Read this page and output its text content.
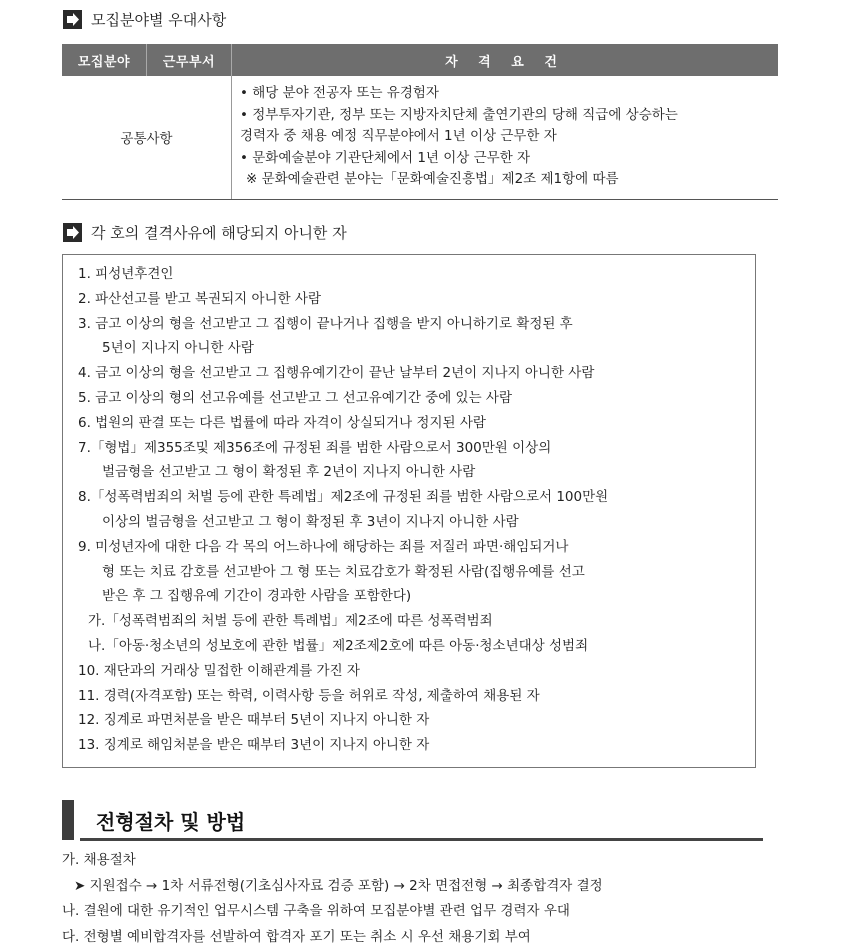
모집분야별 우대사항
모집분야	근무부서	자 격 요 건
공통사항		• 해당 분야 전공자 또는 유경험자
• 정부투자기관, 정부 또는 지방자치단체 출연기관의 당해 직급에 상승하는
경력자 중 채용 예정 직무분야에서 1년 이상 근무한 자
• 문화예술분야 기관단체에서 1년 이상 근무한 자
※ 문화예술관련 분야는「문화예술진흥법」제2조 제1항에 따름
각 호의 결격사유에 해당되지 아니한 자
1. 피성년후견인
2. 파산선고를 받고 복권되지 아니한 사람
3. 금고 이상의 형을 선고받고 그 집행이 끝나거나 집행을 받지 아니하기로 확정된 후
5년이 지나지 아니한 사람
4. 금고 이상의 형을 선고받고 그 집행유예기간이 끝난 날부터 2년이 지나지 아니한 사람
5. 금고 이상의 형의 선고유예를 선고받고 그 선고유예기간 중에 있는 사람
6. 법원의 판결 또는 다른 법률에 따라 자격이 상실되거나 정지된 사람
7.「형법」제355조및 제356조에 규정된 죄를 범한 사람으로서 300만원 이상의
벌금형을 선고받고 그 형이 확정된 후 2년이 지나지 아니한 사람
8.「성폭력범죄의 처벌 등에 관한 특례법」제2조에 규정된 죄를 범한 사람으로서 100만원
이상의 벌금형을 선고받고 그 형이 확정된 후 3년이 지나지 아니한 사람
9. 미성년자에 대한 다음 각 목의 어느하나에 해당하는 죄를 저질러 파면·해임되거나
형 또는 치료 감호를 선고받아 그 형 또는 치료감호가 확정된 사람(집행유예를 선고
받은 후 그 집행유예 기간이 경과한 사람을 포함한다)
가.「성폭력범죄의 처벌 등에 관한 특례법」제2조에 따른 성폭력범죄
나.「아동·청소년의 성보호에 관한 법률」제2조제2호에 따른 아동·청소년대상 성범죄
10. 재단과의 거래상 밀접한 이해관계를 가진 자
11. 경력(자격포함) 또는 학력, 이력사항 등을 허위로 작성, 제출하여 채용된 자
12. 징계로 파면처분을 받은 때부터 5년이 지나지 아니한 자
13. 징계로 해임처분을 받은 때부터 3년이 지나지 아니한 자
전형절차 및 방법
가. 채용절차
➤ 지원접수 → 1차 서류전형(기초심사자료 검증 포함) → 2차 면접전형 → 최종합격자 결정
나. 결원에 대한 유기적인 업무시스템 구축을 위하여 모집분야별 관련 업무 경력자 우대
다. 전형별 예비합격자를 선발하여 합격자 포기 또는 취소 시 우선 채용기회 부여
